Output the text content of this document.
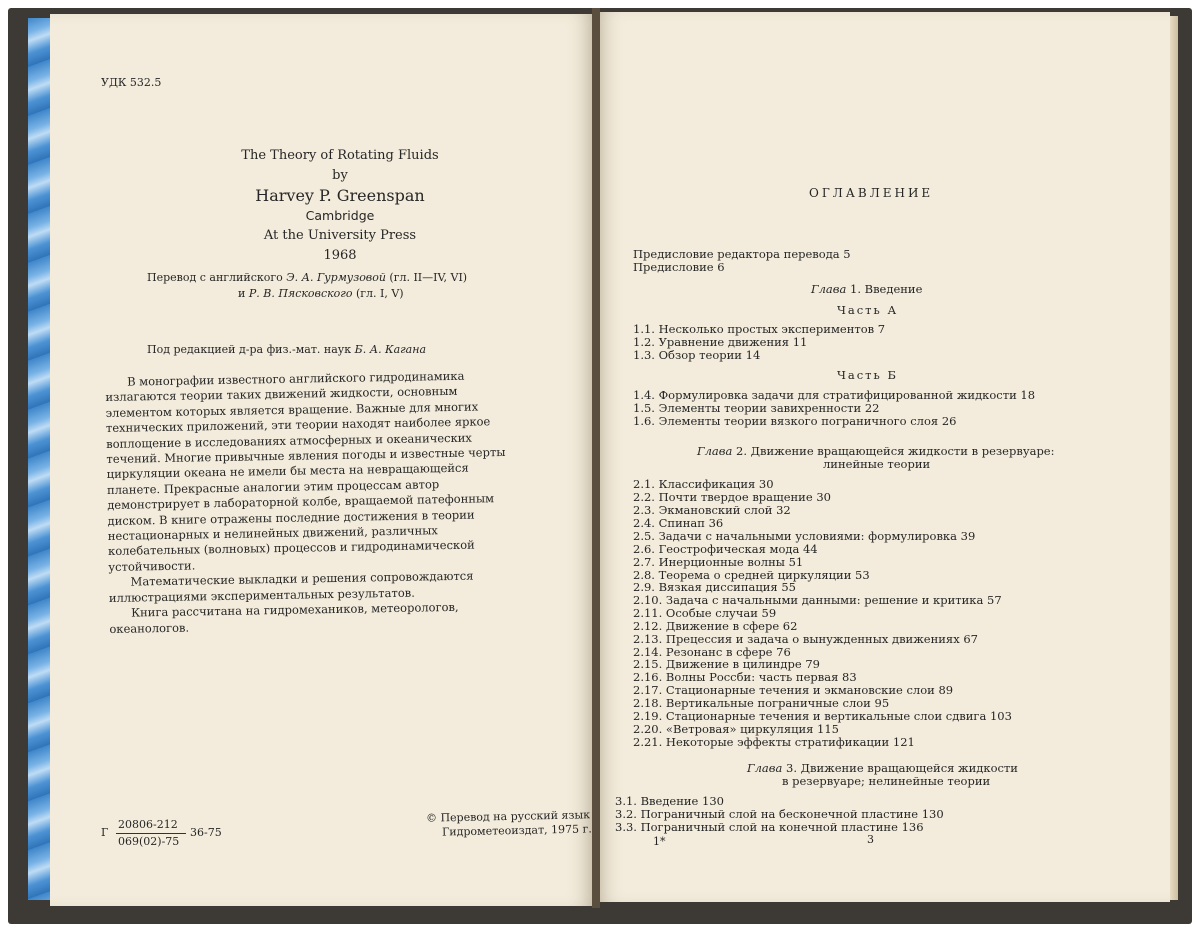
УДК 532.5
The Theory of Rotating Fluids
by
Harvey P. Greenspan
Cambridge
At the University Press
1968
Перевод с английского Э. А. Гурмузовой (гл. II—IV, VI)
и Р. В. Пясковского (гл. I, V)
Под редакцией д-ра физ.-мат. наук Б. А. Кагана

В монографии известного английского гидродинамика излагаются теории таких движений жидкости, основным элементом которых является вращение. Важные для многих технических приложений, эти теории находят наиболее яркое воплощение в исследованиях атмосферных и океанических течений. Многие привычные явления погоды и известные черты циркуляции океана не имели бы места на невращающейся планете. Прекрасные аналогии этим процессам автор демонстрирует в лабораторной колбе, вращаемой патефонным диском. В книге отражены последние достижения в теории нестационарных и нелинейных движений, различных колебательных (волновых) процессов и гидродинамической устойчивости.

Математические выкладки и решения сопровождаются иллюстрациями экспериментальных результатов.

Книга рассчитана на гидромехаников, метеорологов, океанологов.

Г
20806-212
069(02)-75
36-75
© Перевод на русский язык
Гидрометеоиздат, 1975 г.
ОГЛАВЛЕНИЕ
Предисловие редактора перевода 5
Предисловие 6
Глава 1. Введение
Часть А
1.1. Несколько простых экспериментов 7
1.2. Уравнение движения 11
1.3. Обзор теории 14
Часть Б
1.4. Формулировка задачи для стратифицированной жидкости 18
1.5. Элементы теории завихренности 22
1.6. Элементы теории вязкого пограничного слоя 26
Глава 2. Движение вращающейся жидкости в резервуаре:
линейные теории
2.1. Классификация 30
2.2. Почти твердое вращение 30
2.3. Экмановский слой 32
2.4. Спинап 36
2.5. Задачи с начальными условиями: формулировка 39
2.6. Геострофическая мода 44
2.7. Инерционные волны 51
2.8. Теорема о средней циркуляции 53
2.9. Вязкая диссипация 55
2.10. Задача с начальными данными: решение и критика 57
2.11. Особые случаи 59
2.12. Движение в сфере 62
2.13. Прецессия и задача о вынужденных движениях 67
2.14. Резонанс в сфере 76
2.15. Движение в цилиндре 79
2.16. Волны Россби: часть первая 83
2.17. Стационарные течения и экмановские слои 89
2.18. Вертикальные пограничные слои 95
2.19. Стационарные течения и вертикальные слои сдвига 103
2.20. «Ветровая» циркуляция 115
2.21. Некоторые эффекты стратификации 121
Глава 3. Движение вращающейся жидкости
в резервуаре; нелинейные теории
3.1. Введение 130
3.2. Пограничный слой на бесконечной пластине 130
3.3. Пограничный слой на конечной пластине 136
1*	3
